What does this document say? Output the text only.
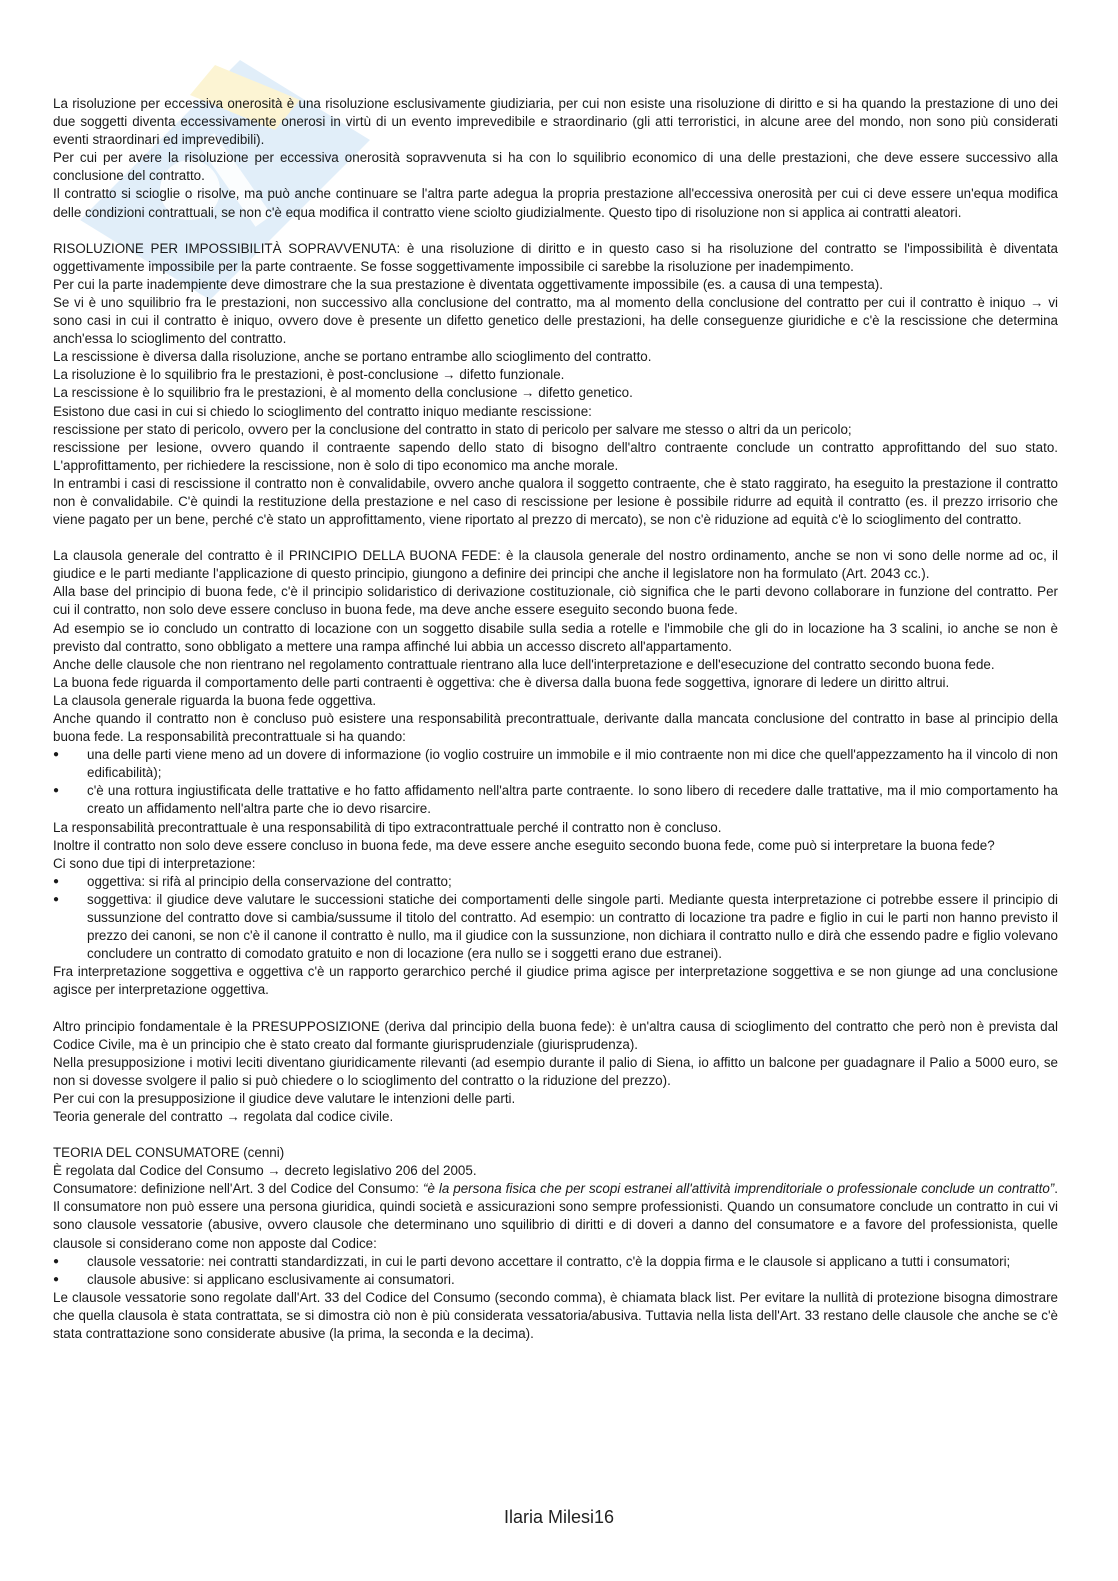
La risoluzione per eccessiva onerosità è una risoluzione esclusivamente giudiziaria, per cui non esiste una risoluzione di diritto e si ha quando la prestazione di uno dei due soggetti diventa eccessivamente onerosi in virtù di un evento imprevedibile e straordinario (gli atti terroristici, in alcune aree del mondo, non sono più considerati eventi straordinari ed imprevedibili).

Per cui per avere la risoluzione per eccessiva onerosità sopravvenuta si ha con lo squilibrio economico di una delle prestazioni, che deve essere successivo alla conclusione del contratto.

Il contratto si scioglie o risolve, ma può anche continuare se l'altra parte adegua la propria prestazione all'eccessiva onerosità per cui ci deve essere un'equa modifica delle condizioni contrattuali, se non c'è equa modifica il contratto viene sciolto giudizialmente. Questo tipo di risoluzione non si applica ai contratti aleatori.

RISOLUZIONE PER IMPOSSIBILITÀ SOPRAVVENUTA: è una risoluzione di diritto e in questo caso si ha risoluzione del contratto se l'impossibilità è diventata oggettivamente impossibile per la parte contraente. Se fosse soggettivamente impossibile ci sarebbe la risoluzione per inadempimento.

Per cui la parte inadempiente deve dimostrare che la sua prestazione è diventata oggettivamente impossibile (es. a causa di una tempesta).

Se vi è uno squilibrio fra le prestazioni, non successivo alla conclusione del contratto, ma al momento della conclusione del contratto per cui il contratto è iniquo → vi sono casi in cui il contratto è iniquo, ovvero dove è presente un difetto genetico delle prestazioni, ha delle conseguenze giuridiche e c'è la rescissione che determina anch'essa lo scioglimento del contratto.

La rescissione è diversa dalla risoluzione, anche se portano entrambe allo scioglimento del contratto.

La risoluzione è lo squilibrio fra le prestazioni, è post-conclusione → difetto funzionale.

La rescissione è lo squilibrio fra le prestazioni, è al momento della conclusione → difetto genetico.

Esistono due casi in cui si chiedo lo scioglimento del contratto iniquo mediante rescissione:

rescissione per stato di pericolo, ovvero per la conclusione del contratto in stato di pericolo per salvare me stesso o altri da un pericolo;

rescissione per lesione, ovvero quando il contraente sapendo dello stato di bisogno dell'altro contraente conclude un contratto approfittando del suo stato. L'approfittamento, per richiedere la rescissione, non è solo di tipo economico ma anche morale.

In entrambi i casi di rescissione il contratto non è convalidabile, ovvero anche qualora il soggetto contraente, che è stato raggirato, ha eseguito la prestazione il contratto non è convalidabile. C'è quindi la restituzione della prestazione e nel caso di rescissione per lesione è possibile ridurre ad equità il contratto (es. il prezzo irrisorio che viene pagato per un bene, perché c'è stato un approfittamento, viene riportato al prezzo di mercato), se non c'è riduzione ad equità c'è lo scioglimento del contratto.

La clausola generale del contratto è il PRINCIPIO DELLA BUONA FEDE: è la clausola generale del nostro ordinamento, anche se non vi sono delle norme ad oc, il giudice e le parti mediante l'applicazione di questo principio, giungono a definire dei principi che anche il legislatore non ha formulato (Art. 2043 cc.).

Alla base del principio di buona fede, c'è il principio solidaristico di derivazione costituzionale, ciò significa che le parti devono collaborare in funzione del contratto. Per cui il contratto, non solo deve essere concluso in buona fede, ma deve anche essere eseguito secondo buona fede.

Ad esempio se io concludo un contratto di locazione con un soggetto disabile sulla sedia a rotelle e l'immobile che gli do in locazione ha 3 scalini, io anche se non è previsto dal contratto, sono obbligato a mettere una rampa affinché lui abbia un accesso discreto all'appartamento.

Anche delle clausole che non rientrano nel regolamento contrattuale rientrano alla luce dell'interpretazione e dell'esecuzione del contratto secondo buona fede.

La buona fede riguarda il comportamento delle parti contraenti è oggettiva: che è diversa dalla buona fede soggettiva, ignorare di ledere un diritto altrui.

La clausola generale riguarda la buona fede oggettiva.

Anche quando il contratto non è concluso può esistere una responsabilità precontrattuale, derivante dalla mancata conclusione del contratto in base al principio della buona fede. La responsabilità precontrattuale si ha quando:

● una delle parti viene meno ad un dovere di informazione (io voglio costruire un immobile e il mio contraente non mi dice che quell'appezzamento ha il vincolo di non edificabilità);

● c'è una rottura ingiustificata delle trattative e ho fatto affidamento nell'altra parte contraente. Io sono libero di recedere dalle trattative, ma il mio comportamento ha creato un affidamento nell'altra parte che io devo risarcire.

La responsabilità precontrattuale è una responsabilità di tipo extracontrattuale perché il contratto non è concluso.

Inoltre il contratto non solo deve essere concluso in buona fede, ma deve essere anche eseguito secondo buona fede, come può si interpretare la buona fede?

Ci sono due tipi di interpretazione:

● oggettiva: si rifà al principio della conservazione del contratto;

● soggettiva: il giudice deve valutare le successioni statiche dei comportamenti delle singole parti. Mediante questa interpretazione ci potrebbe essere il principio di sussunzione del contratto dove si cambia/sussume il titolo del contratto. Ad esempio: un contratto di locazione tra padre e figlio in cui le parti non hanno previsto il prezzo dei canoni, se non c'è il canone il contratto è nullo, ma il giudice con la sussunzione, non dichiara il contratto nullo e dirà che essendo padre e figlio volevano concludere un contratto di comodato gratuito e non di locazione (era nullo se i soggetti erano due estranei).

Fra interpretazione soggettiva e oggettiva c'è un rapporto gerarchico perché il giudice prima agisce per interpretazione soggettiva e se non giunge ad una conclusione agisce per interpretazione oggettiva.

Altro principio fondamentale è la PRESUPPOSIZIONE (deriva dal principio della buona fede): è un'altra causa di scioglimento del contratto che però non è prevista dal Codice Civile, ma è un principio che è stato creato dal formante giurisprudenziale (giurisprudenza).

Nella presupposizione i motivi leciti diventano giuridicamente rilevanti (ad esempio durante il palio di Siena, io affitto un balcone per guadagnare il Palio a 5000 euro, se non si dovesse svolgere il palio si può chiedere o lo scioglimento del contratto o la riduzione del prezzo).

Per cui con la presupposizione il giudice deve valutare le intenzioni delle parti.

Teoria generale del contratto → regolata dal codice civile.

TEORIA DEL CONSUMATORE (cenni)

È regolata dal Codice del Consumo → decreto legislativo 206 del 2005.

Consumatore: definizione nell'Art. 3 del Codice del Consumo: “è la persona fisica che per scopi estranei all'attività imprenditoriale o professionale conclude un contratto”. Il consumatore non può essere una persona giuridica, quindi società e assicurazioni sono sempre professionisti. Quando un consumatore conclude un contratto in cui vi sono clausole vessatorie (abusive, ovvero clausole che determinano uno squilibrio di diritti e di doveri a danno del consumatore e a favore del professionista, quelle clausole si considerano come non apposte dal Codice:

● clausole vessatorie: nei contratti standardizzati, in cui le parti devono accettare il contratto, c'è la doppia firma e le clausole si applicano a tutti i consumatori;

● clausole abusive: si applicano esclusivamente ai consumatori.

Le clausole vessatorie sono regolate dall'Art. 33 del Codice del Consumo (secondo comma), è chiamata black list. Per evitare la nullità di protezione bisogna dimostrare che quella clausola è stata contrattata, se si dimostra ciò non è più considerata vessatoria/abusiva. Tuttavia nella lista dell'Art. 33 restano delle clausole che anche se c'è stata contrattazione sono considerate abusive (la prima, la seconda e la decima).

Ilaria Milesi16
